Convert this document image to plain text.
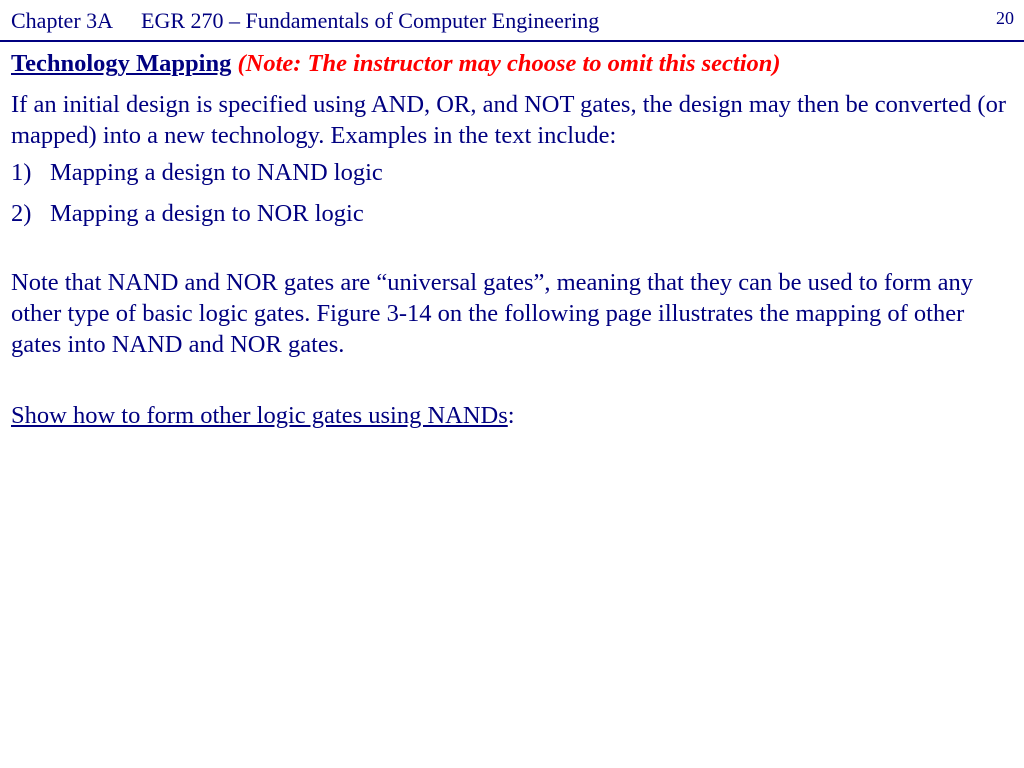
Chapter 3A EGR 270 – Fundamentals of Computer Engineering	20

Technology Mapping (Note: The instructor may choose to omit this section)

If an initial design is specified using AND, OR, and NOT gates, the design may then be converted (or mapped) into a new technology. Examples in the text include:

1) Mapping a design to NAND logic
2) Mapping a design to NOR logic

Note that NAND and NOR gates are “universal gates”, meaning that they can be used to form any other type of basic logic gates. Figure 3-14 on the following page illustrates the mapping of other gates into NAND and NOR gates.

Show how to form other logic gates using NANDs:
